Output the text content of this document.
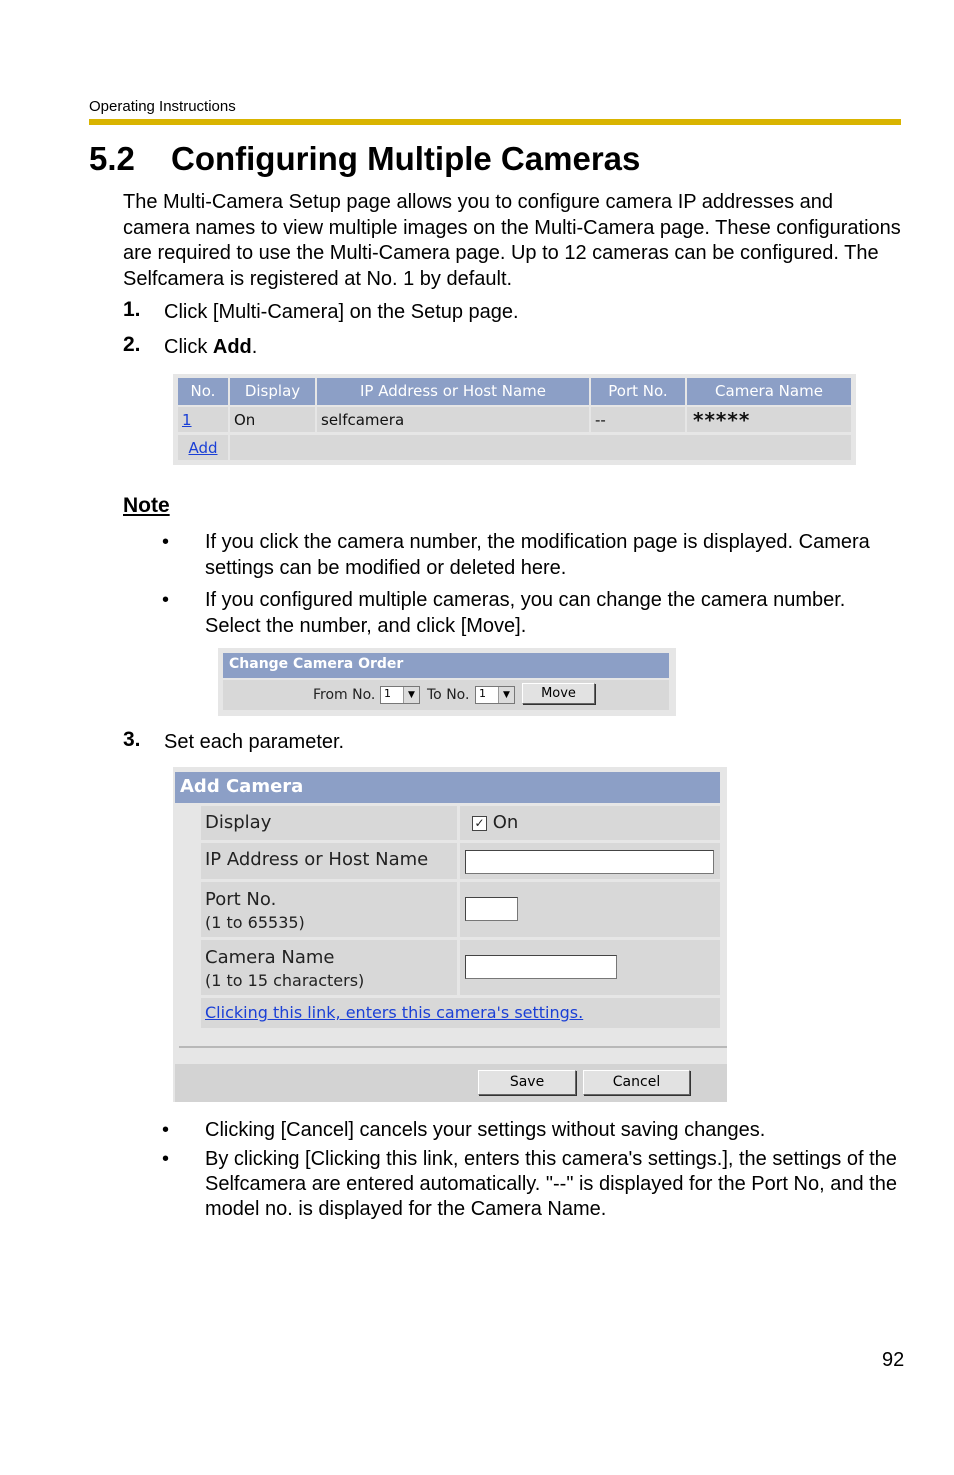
Operating Instructions
5.2 Configuring Multiple Cameras

The Multi-Camera Setup page allows you to configure camera IP addresses and camera names to view multiple images on the Multi-Camera page. These configurations are required to use the Multi-Camera page. Up to 12 cameras can be configured. The Selfcamera is registered at No. 1 by default.

1. Click [Multi-Camera] on the Setup page.
2. Click Add.
No.	Display	IP Address or Host Name	Port No.	Camera Name
1	On	selfcamera	--	*****
Add
Note
• If you click the camera number, the modification page is displayed. Camera settings can be modified or deleted here.
• If you configured multiple cameras, you can change the camera number. Select the number, and click [Move].
Change Camera Order
From No. 1	▼ To No. 1	▼	Move
3. Set each parameter.
Add Camera
Display	✓ On
IP Address or Host Name
Port No.
(1 to 65535)
Camera Name
(1 to 15 characters)
Clicking this link, enters this camera's settings.
Save	Cancel
• Clicking [Cancel] cancels your settings without saving changes.
• By clicking [Clicking this link, enters this camera's settings.], the settings of the Selfcamera are entered automatically. "--" is displayed for the Port No, and the model no. is displayed for the Camera Name.
92
